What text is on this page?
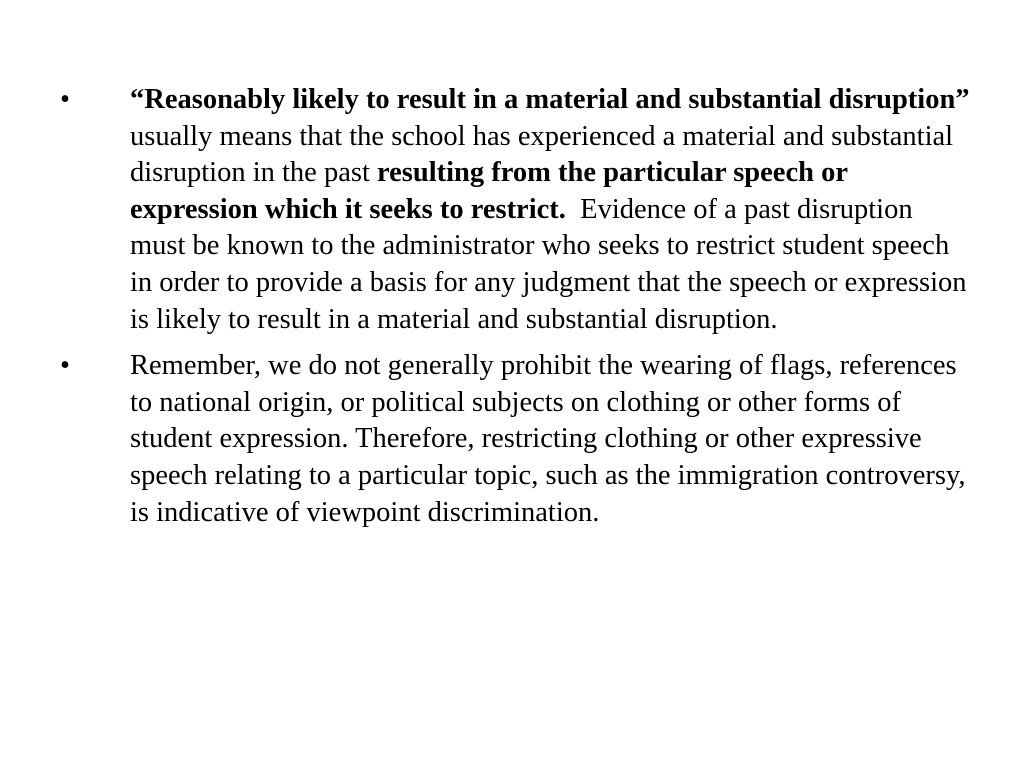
• “Reasonably likely to result in a material and substantial disruption” usually means that the school has experienced a material and substantial disruption in the past resulting from the particular speech or expression which it seeks to restrict.  Evidence of a past disruption must be known to the administrator who seeks to restrict student speech in order to provide a basis for any judgment that the speech or expression is likely to result in a material and substantial disruption.
• Remember, we do not generally prohibit the wearing of flags, references to national origin, or political subjects on clothing or other forms of student expression. Therefore, restricting clothing or other expressive speech relating to a particular topic, such as the immigration controversy, is indicative of viewpoint discrimination.
